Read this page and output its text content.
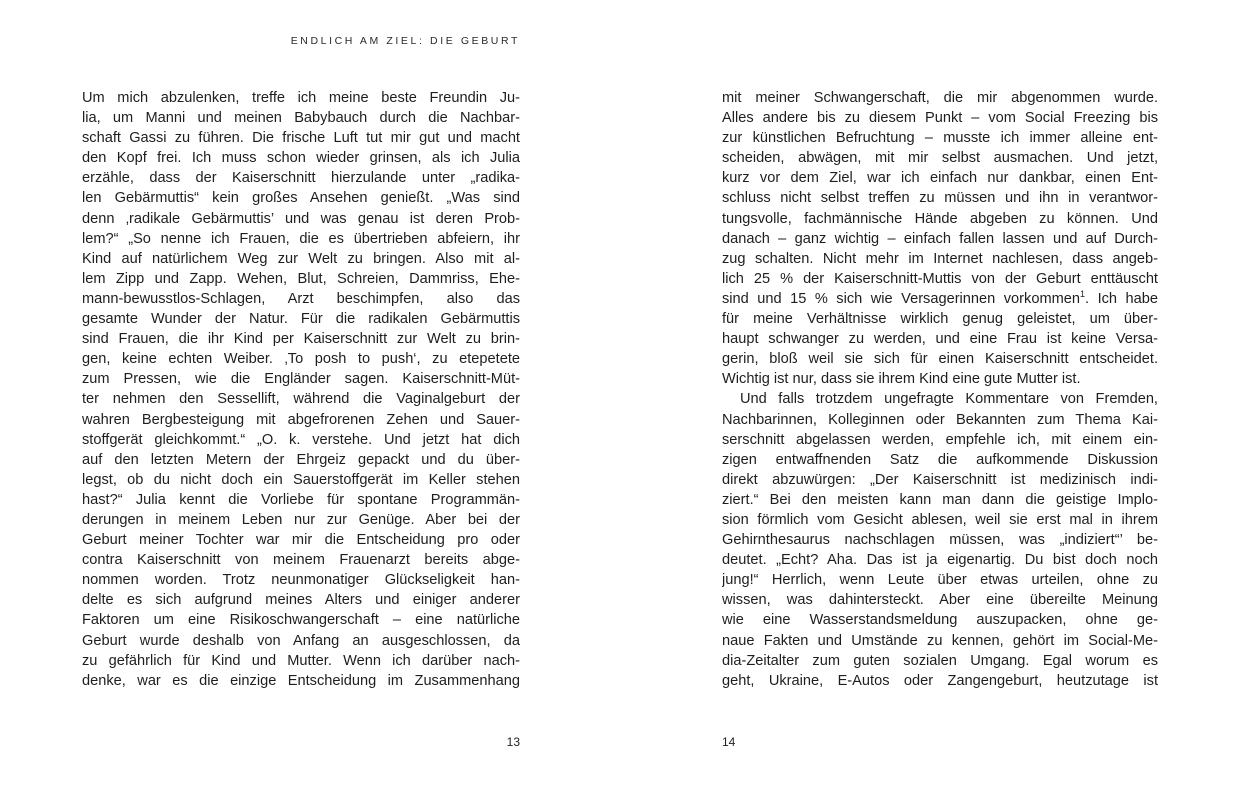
ENDLICH AM ZIEL: DIE GEBURT
Um mich abzulenken, treffe ich meine beste Freundin Ju-
lia, um Manni und meinen Babybauch durch die Nachbar-
schaft Gassi zu führen. Die frische Luft tut mir gut und macht
den Kopf frei. Ich muss schon wieder grinsen, als ich Julia
erzähle, dass der Kaiserschnitt hierzulande unter „radika-
len Gebärmuttis“ kein großes Ansehen genießt. „Was sind
denn ‚radikale Gebärmuttis’ und was genau ist deren Prob-
lem?“ „So nenne ich Frauen, die es übertrieben abfeiern, ihr
Kind auf natürlichem Weg zur Welt zu bringen. Also mit al-
lem Zipp und Zapp. Wehen, Blut, Schreien, Dammriss, Ehe-
mann-bewusstlos-Schlagen, Arzt beschimpfen, also das
gesamte Wunder der Natur. Für die radikalen Gebärmuttis
sind Frauen, die ihr Kind per Kaiserschnitt zur Welt zu brin-
gen, keine echten Weiber. ‚To posh to push‘, zu etepetete
zum Pressen, wie die Engländer sagen. Kaiserschnitt-Müt-
ter nehmen den Sessellift, während die Vaginalgeburt der
wahren Bergbesteigung mit abgefrorenen Zehen und Sauer-
stoffgerät gleichkommt.“ „O. k. verstehe. Und jetzt hat dich
auf den letzten Metern der Ehrgeiz gepackt und du über-
legst, ob du nicht doch ein Sauerstoffgerät im Keller stehen
hast?“ Julia kennt die Vorliebe für spontane Programmän-
derungen in meinem Leben nur zur Genüge. Aber bei der
Geburt meiner Tochter war mir die Entscheidung pro oder
contra Kaiserschnitt von meinem Frauenarzt bereits abge-
nommen worden. Trotz neunmonatiger Glückseligkeit han-
delte es sich aufgrund meines Alters und einiger anderer
Faktoren um eine Risikoschwangerschaft – eine natürliche
Geburt wurde deshalb von Anfang an ausgeschlossen, da
zu gefährlich für Kind und Mutter. Wenn ich darüber nach-
denke, war es die einzige Entscheidung im Zusammenhang
13
mit meiner Schwangerschaft, die mir abgenommen wurde.
Alles andere bis zu diesem Punkt – vom Social Freezing bis
zur künstlichen Befruchtung – musste ich immer alleine ent-
scheiden, abwägen, mit mir selbst ausmachen. Und jetzt,
kurz vor dem Ziel, war ich einfach nur dankbar, einen Ent-
schluss nicht selbst treffen zu müssen und ihn in verantwor-
tungsvolle, fachmännische Hände abgeben zu können. Und
danach – ganz wichtig – einfach fallen lassen und auf Durch-
zug schalten. Nicht mehr im Internet nachlesen, dass angeb-
lich 25 % der Kaiserschnitt-Muttis von der Geburt enttäuscht
sind und 15 % sich wie Versagerinnen vorkommen$^1$. Ich habe
für meine Verhältnisse wirklich genug geleistet, um über-
haupt schwanger zu werden, und eine Frau ist keine Versa-
gerin, bloß weil sie sich für einen Kaiserschnitt entscheidet.
Wichtig ist nur, dass sie ihrem Kind eine gute Mutter ist.
Und falls trotzdem ungefragte Kommentare von Fremden,
Nachbarinnen, Kolleginnen oder Bekannten zum Thema Kai-
serschnitt abgelassen werden, empfehle ich, mit einem ein-
zigen entwaffnenden Satz die aufkommende Diskussion
direkt abzuwürgen: „Der Kaiserschnitt ist medizinisch indi-
ziert.“ Bei den meisten kann man dann die geistige Implo-
sion förmlich vom Gesicht ablesen, weil sie erst mal in ihrem
Gehirnthesaurus nachschlagen müssen, was „indiziert“’ be-
deutet. „Echt? Aha. Das ist ja eigenartig. Du bist doch noch
jung!“ Herrlich, wenn Leute über etwas urteilen, ohne zu
wissen, was dahintersteckt. Aber eine übereilte Meinung
wie eine Wasserstandsmeldung auszupacken, ohne ge-
naue Fakten und Umstände zu kennen, gehört im Social-Me-
dia-Zeitalter zum guten sozialen Umgang. Egal worum es
geht, Ukraine, E-Autos oder Zangengeburt, heutzutage ist
14
